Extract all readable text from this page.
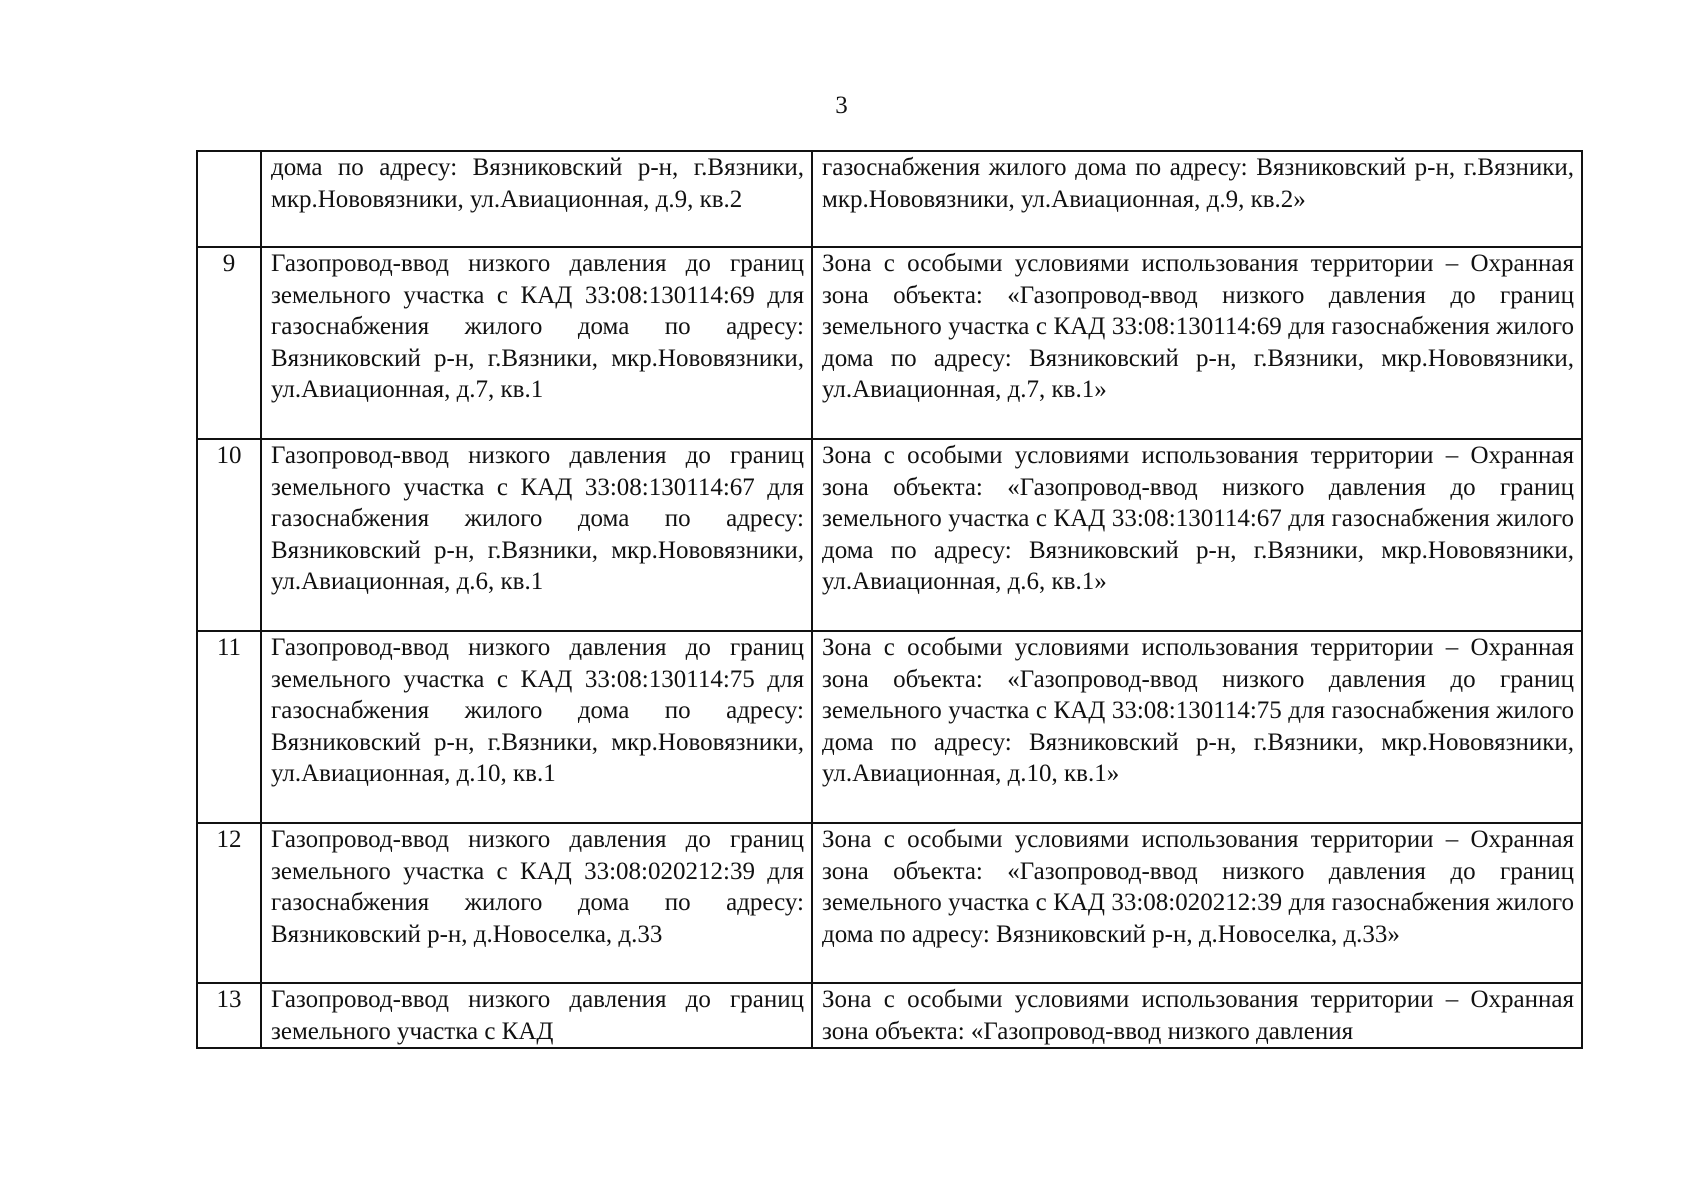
3
	дома по адресу: Вязниковский р-н, г.Вязники, мкр.Нововязники, ул.Авиационная, д.9, кв.2	газоснабжения жилого дома по адресу: Вязниковский р-н, г.Вязники, мкр.Нововязники, ул.Авиационная, д.9, кв.2»
9	Газопровод-ввод низкого давления до границ земельного участка с КАД 33:08:130114:69 для газоснабжения жилого дома по адресу: Вязниковский р-н, г.Вязники, мкр.Нововязники, ул.Авиационная, д.7, кв.1	Зона с особыми условиями использования территории – Охранная зона объекта: «Газопровод-ввод низкого давления до границ земельного участка с КАД 33:08:130114:69 для газоснабжения жилого дома по адресу: Вязниковский р-н, г.Вязники, мкр.Нововязники, ул.Авиационная, д.7, кв.1»
10	Газопровод-ввод низкого давления до границ земельного участка с КАД 33:08:130114:67 для газоснабжения жилого дома по адресу: Вязниковский р-н, г.Вязники, мкр.Нововязники, ул.Авиационная, д.6, кв.1	Зона с особыми условиями использования территории – Охранная зона объекта: «Газопровод-ввод низкого давления до границ земельного участка с КАД 33:08:130114:67 для газоснабжения жилого дома по адресу: Вязниковский р-н, г.Вязники, мкр.Нововязники, ул.Авиационная, д.6, кв.1»
11	Газопровод-ввод низкого давления до границ земельного участка с КАД 33:08:130114:75 для газоснабжения жилого дома по адресу: Вязниковский р-н, г.Вязники, мкр.Нововязники, ул.Авиационная, д.10, кв.1	Зона с особыми условиями использования территории – Охранная зона объекта: «Газопровод-ввод низкого давления до границ земельного участка с КАД 33:08:130114:75 для газоснабжения жилого дома по адресу: Вязниковский р-н, г.Вязники, мкр.Нововязники, ул.Авиационная, д.10, кв.1»
12	Газопровод-ввод низкого давления до границ земельного участка с КАД 33:08:020212:39 для газоснабжения жилого дома по адресу: Вязниковский р-н, д.Новоселка, д.33	Зона с особыми условиями использования территории – Охранная зона объекта: «Газопровод-ввод низкого давления до границ земельного участка с КАД 33:08:020212:39 для газоснабжения жилого дома по адресу: Вязниковский р-н, д.Новоселка, д.33»
13	Газопровод-ввод низкого давления до границ земельного участка с КАД	Зона с особыми условиями использования территории – Охранная зона объекта: «Газопровод-ввод низкого давления
